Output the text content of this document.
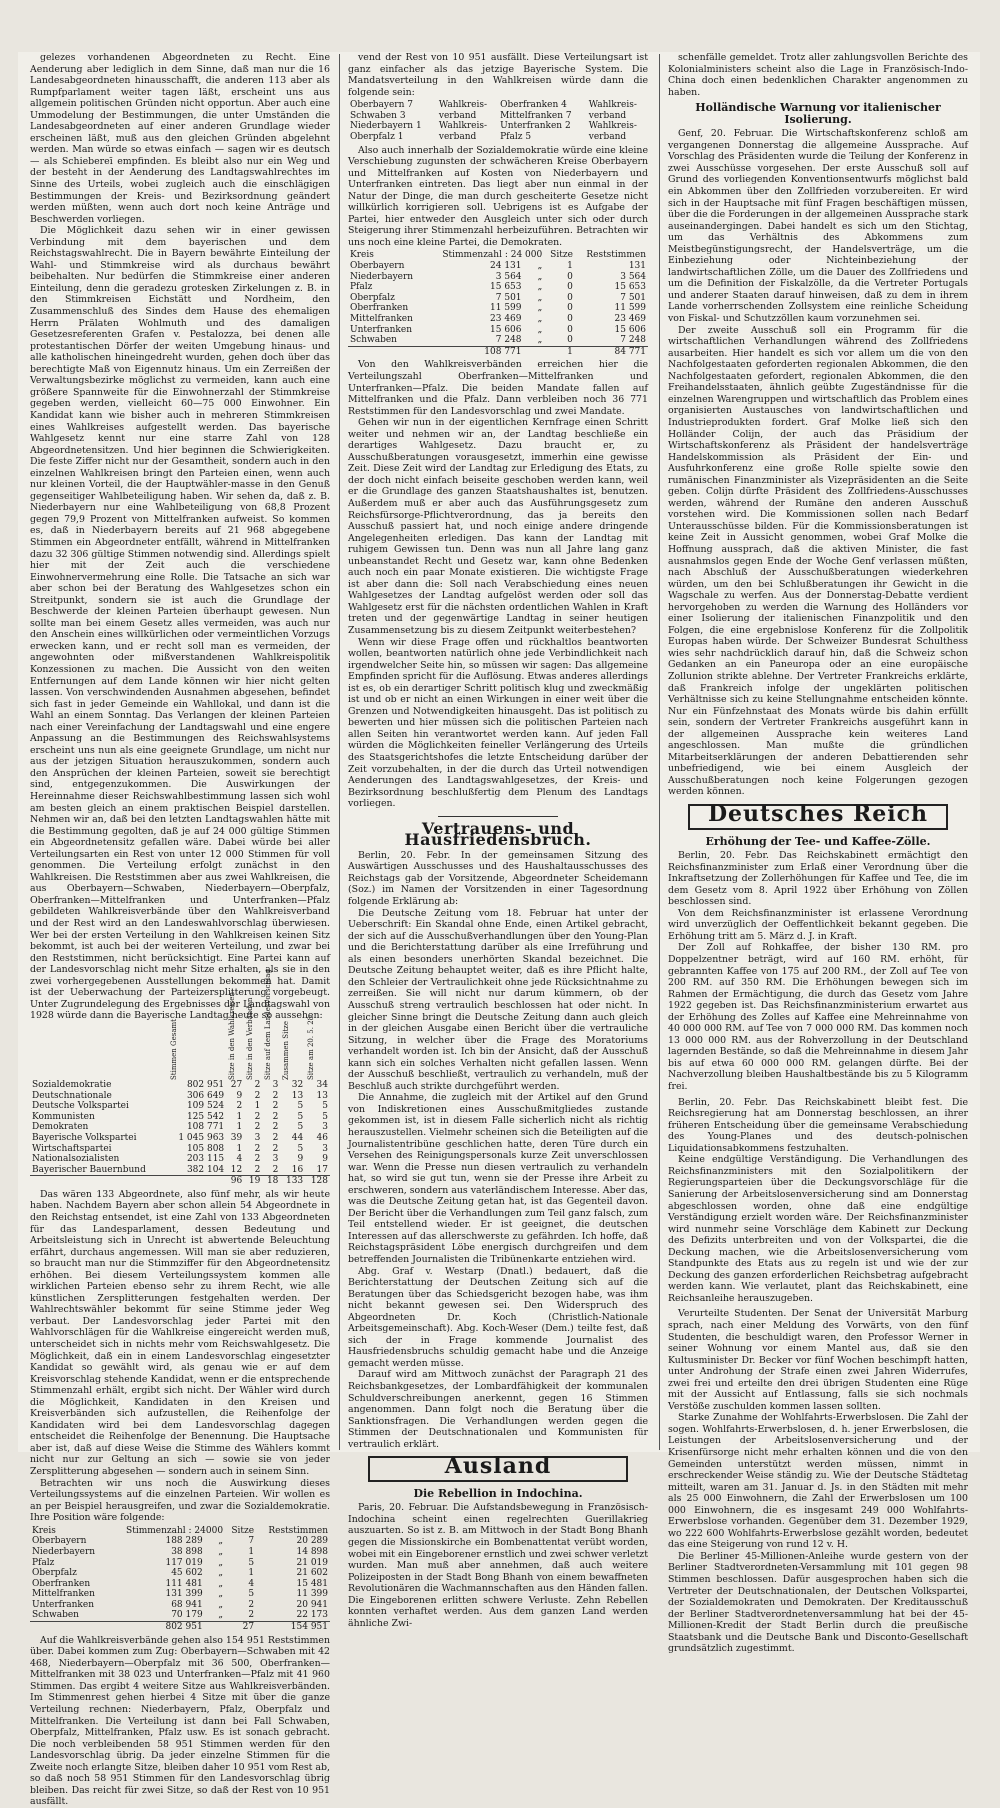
gelezes vorhandenen Abgeordneten zu Recht. Eine Aenderung aber lediglich in dem Sinne, daß man nur die 16 Landesabgeordneten hinausschafft, die anderen 113 aber als Rumpfparlament weiter tagen läßt, erscheint uns aus allgemein politischen Gründen nicht opportun. Aber auch eine Ummodelung der Bestimmungen, die unter Umständen die Landesabgeordneten auf einer anderen Grundlage wieder erscheinen läßt, muß aus den gleichen Gründen abgelehnt werden. Man würde so etwas einfach — sagen wir es deutsch — als Schiebereī empfinden. Es bleibt also nur ein Weg und der besteht in der Aenderung des Landtagswahlrechtes im Sinne des Urteils, wobei zugleich auch die einschlägigen Bestimmungen der Kreis- und Bezirksordnung geändert werden müßten, wenn auch dort noch keine Anträge und Beschwerden vorliegen.

Die Möglichkeit dazu sehen wir in einer gewissen Verbindung mit dem bayerischen und dem Reichstagswahlrecht. Die in Bayern bewährte Einteilung der Wahl- und Stimmkreise wird als durchaus bewährt beibehalten. Nur bedürfen die Stimmkreise einer anderen Einteilung, denn die geradezu grotesken Zirkelungen z. B. in den Stimmkreisen Eichstätt und Nordheim, den Zusammenschluß des Sindes dem Hause des ehemaligen Herrn Prälaten Wohlmuth und des damaligen Gesetzesreferenten Grafen v. Pestalozza, bei denen alle protestantischen Dörfer der weiten Umgebung hinaus- und alle katholischen hineingedreht wurden, gehen doch über das berechtigte Maß von Eigennutz hinaus. Um ein Zerreißen der Verwaltungsbezirke möglichst zu vermeiden, kann auch eine größere Spannweite für die Einwohnerzahl der Stimmkreise gegeben werden, vielleicht 60—75 000 Einwohner. Ein Kandidat kann wie bisher auch in mehreren Stimmkreisen eines Wahlkreises aufgestellt werden. Das bayerische Wahlgesetz kennt nur eine starre Zahl von 128 Abgeordnetensitzen. Und hier beginnen die Schwierigkeiten. Die feste Ziffer nicht nur der Gesamtheit, sondern auch in den einzelnen Wahlkreisen bringt den Parteien einen, wenn auch nur kleinen Vorteil, die der Hauptwähler-masse in den Genuß gegenseitiger Wahlbeteiligung haben. Wir sehen da, daß z. B. Niederbayern nur eine Wahlbeteiligung von 68,8 Prozent gegen 79,9 Prozent von Mittelfranken aufweist. So kommen es, daß in Niederbayern bereits auf 21 968 abgegebene Stimmen ein Abgeordneter entfällt, während in Mittelfranken dazu 32 306 gültige Stimmen notwendig sind. Allerdings spielt hier mit der Zeit auch die verschiedene Einwohnervermehrung eine Rolle. Die Tatsache an sich war aber schon bei der Beratung des Wahlgesetzes schon ein Streitpunkt, sondern sie ist auch die Grundlage der Beschwerde der kleinen Parteien überhaupt gewesen. Nun sollte man bei einem Gesetz alles vermeiden, was auch nur den Anschein eines willkürlichen oder vermeintlichen Vorzugs erwecken kann, und er recht soll man es vermeiden, der angewohnten oder mißverstandenen Wahlkreispolitik Konzessionen zu machen. Die Aussicht von den weiten Entfernungen auf dem Lande können wir hier nicht gelten lassen. Von verschwindenden Ausnahmen abgesehen, befindet sich fast in jeder Gemeinde ein Wahllokal, und dann ist die Wahl an einem Sonntag. Das Verlangen der kleinen Parteien nach einer Vereinfachung der Landtagswahl und eine engere Anpassung an die Bestimmungen des Reichswahlsystems erscheint uns nun als eine geeignete Grundlage, um nicht nur aus der jetzigen Situation herauszukommen, sondern auch den Ansprüchen der kleinen Parteien, soweit sie berechtigt sind, entgegenzukommen. Die Auswirkungen der Hereinnahme dieser Reichswahlbestimmung lassen sich wohl am besten gleich an einem praktischen Beispiel darstellen. Nehmen wir an, daß bei den letzten Landtagswahlen hätte mit die Bestimmung gegolten, daß je auf 24 000 gültige Stimmen ein Abgeordnetensitz gefallen wäre. Dabei würde bei aller Verteilungsarten ein Rest von unter 12 000 Stimmen für voll genommen. Die Verteilung erfolgt zunächst in den Wahlkreisen. Die Reststimmen aber aus zwei Wahlkreisen, die aus Oberbayern—Schwaben, Niederbayern—Oberpfalz, Oberfranken—Mittelfranken und Unterfranken—Pfalz gebildeten Wahlkreisverbände über den Wahlkreisverband und der Rest wird an den Landeswahlvorschlag überwiesen. Wer bei der ersten Verteilung in den Wahlkreisen keinen Sitz bekommt, ist auch bei der weiteren Verteilung, und zwar bei den Reststimmen, nicht berücksichtigt. Eine Partei kann auf der Landesvorschlag nicht mehr Sitze erhalten, als sie in den zwei vorhergegebenen Ausstellungen bekommen hat. Damit ist der Ueberwachung der Parteizersplitterung vorgebeugt. Unter Zugrundelegung des Ergebnisses der Landtagswahl von 1928 würde dann die Bayerische Landtag heute so aussehen:

	Stimmen Gesamt	Sitze in den Wahlkreisen	Sitze in den Verbänden	Sitze auf dem Landesvorschlag	Zusammen Sitze	Sitze am 20. 5. 28

Sozialdemokratie	802 951	27	2	3	32	34
Deutschnationale	306 649	9	2	2	13	13
Deutsche Volkspartei	109 524	2	1	2	5	5
Kommunisten	125 542	1	2	2	5	5
Demokraten	108 771	1	2	2	5	3
Bayerische Volkspartei	1 045 963	39	3	2	44	46
Wirtschaftspartei	105 808	1	2	2	5	3
Nationalsozialisten	203 115	4	2	3	9	9
Bayerischer Bauernbund	382 104	12	2	2	16	17
		96	19	18	133	128

Das wären 133 Abgeordnete, also fünf mehr, als wir heute haben. Nachdem Bayern aber schon allein 54 Abgeordnete in den Reichstag entsendet, ist eine Zahl von 133 Abgeordneten für das Landesparlament, dessen Bedeutung und Arbeitsleistung sich in Unrecht ist abwertende Beleuchtung erfährt, durchaus angemessen. Will man sie aber reduzieren, so braucht man nur die Stimmziffer für den Abgeordnetensitz erhöhen. Bei diesem Verteilungssystem kommen alle wirklichen Parteien ebenso sehr zu ihrem Recht, wie alle künstlichen Zersplitterungen festgehalten werden. Der Wahlrechtswähler bekommt für seine Stimme jeder Weg verbaut. Der Landesvorschlag jeder Partei mit den Wahlvorschlägen für die Wahlkreise eingereicht werden muß, unterscheidet sich in nichts mehr vom Reichswahlgesetz. Die Möglichkeit, daß ein in einem Landesvorschlag eingesetzter Kandidat so gewählt wird, als genau wie er auf dem Kreisvorschlag stehende Kandidat, wenn er die entsprechende Stimmenzahl erhält, ergibt sich nicht. Der Wähler wird durch die Möglichkeit, Kandidaten in den Kreisen und Kreisverbänden sich aufzustellen, die Reihenfolge der Kandidaten wird bei dem Landesvorschlag dagegen entscheidet die Reihenfolge der Benennung. Die Hauptsache aber ist, daß auf diese Weise die Stimme des Wählers kommt nicht nur zur Geltung an sich — sowie sie von jeder Zersplitterung abgesehen — sondern auch in seinem Sinn.

Betrachten wir uns noch die Auswirkung dieses Verteilungssystems auf die einzelnen Parteien. Wir wollen es an per Beispiel herausgreifen, und zwar die Sozialdemokratie. Ihre Position wäre folgende:

Kreis	Stimmenzahl : 24000		Sitze	Reststimmen
Oberbayern	188 289	„	7	20 289
Niederbayern	38 898	„	1	14 898
Pfalz	117 019	„	5	21 019
Oberpfalz	45 602	„	1	21 602
Oberfranken	111 481	„	4	15 481
Mittelfranken	131 399	„	5	11 399
Unterfranken	68 941	„	2	20 941
Schwaben	70 179	„	2	22 173
	802 951		27	154 951

Auf die Wahlkreisverbände gehen also 154 951 Reststimmen über. Dabei kommen zum Zug: Oberbayern—Schwaben mit 42 468, Niederbayern—Oberpfalz mit 36 500, Oberfranken—Mittelfranken mit 38 023 und Unterfranken—Pfalz mit 41 960 Stimmen. Das ergibt 4 weitere Sitze aus Wahlkreisverbänden. Im Stimmenrest gehen hierbei 4 Sitze mit über die ganze Verteilung rechnen: Niederbayern, Pfalz, Oberpfalz und Mittelfranken. Die Verteilung ist dann bei Fall Schwaben, Oberpfalz, Mittelfranken, Pfalz usw. Es ist sonach gebracht. Die noch verbleibenden 58 951 Stimmen werden für den Landesvorschlag übrig. Da jeder einzelne Stimmen für die Zweite noch erlangte Sitze, bleiben daher 10 951 vom Rest ab, so daß noch 58 951 Stimmen für den Landesvorschlag übrig bleiben. Das reicht für zwei Sitze, so daß der Rest von 10 951 ausfällt.

vend der Rest von 10 951 ausfällt. Diese Verteilungsart ist ganz einfacher als das jetzige Bayerische System. Die Mandatsverteilung in den Wahlkreisen würde dann die folgende sein:

Oberbayern 7	Wahlkreis-	Oberfranken 4	Wahlkreis-
Schwaben 3	verband	Mittelfranken 7	verband
Niederbayern 1	Wahlkreis-	Unterfranken 2	Wahlkreis-
Oberpfalz 1	verband	Pfalz 5	verband

Also auch innerhalb der Sozialdemokratie würde eine kleine Verschiebung zugunsten der schwächeren Kreise Oberbayern und Mittelfranken auf Kosten von Niederbayern und Unterfranken eintreten. Das liegt aber nun einmal in der Natur der Dinge, die man durch gescheiterte Gesetze nicht willkürlich korrigieren soll. Uebrigens ist es Aufgabe der Partei, hier entweder den Ausgleich unter sich oder durch Steigerung ihrer Stimmenzahl herbeizuführen. Betrachten wir uns noch eine kleine Partei, die Demokraten.

Kreis	Stimmenzahl : 24 000		Sitze	Reststimmen
Oberbayern	24 131	„	1	131
Niederbayern	3 564	„	0	3 564
Pfalz	15 653	„	0	15 653
Oberpfalz	7 501	„	0	7 501
Oberfranken	11 599	„	0	11 599
Mittelfranken	23 469	„	0	23 469
Unterfranken	15 606	„	0	15 606
Schwaben	7 248	„	0	7 248
	108 771		1	84 771

Von den Wahlkreisverbänden erreichen hier die Verteilungszahl Oberfranken—Mittelfranken und Unterfranken—Pfalz. Die beiden Mandate fallen auf Mittelfranken und die Pfalz. Dann verbleiben noch 36 771 Reststimmen für den Landesvorschlag und zwei Mandate.

Gehen wir nun in der eigentlichen Kernfrage einen Schritt weiter und nehmen wir an, der Landtag beschließe ein derartiges Wahlgesetz. Dazu braucht er, zu Ausschußberatungen vorausgesetzt, immerhin eine gewisse Zeit. Diese Zeit wird der Landtag zur Erledigung des Etats, zu der doch nicht einfach beiseite geschoben werden kann, weil er die Grundlage des ganzen Staatshaushaltes ist, benutzen. Außerdem muß er aber auch das Ausführungsgesetz zum Reichsfürsorge-Pflichtverordnung, das ja bereits den Ausschuß passiert hat, und noch einige andere dringende Angelegenheiten erledigen. Das kann der Landtag mit ruhigem Gewissen tun. Denn was nun all Jahre lang ganz unbeanstandet Recht und Gesetz war, kann ohne Bedenken auch noch ein paar Monate existieren. Die wichtigste Frage ist aber dann die: Soll nach Verabschiedung eines neuen Wahlgesetzes der Landtag aufgelöst werden oder soll das Wahlgesetz erst für die nächsten ordentlichen Wahlen in Kraft treten und der gegenwärtige Landtag in seiner heutigen Zusammensetzung bis zu diesem Zeitpunkt weiterbestehen?

Wenn wir diese Frage offen und rückhaltlos beantworten wollen, beantworten natürlich ohne jede Verbindlichkeit nach irgendwelcher Seite hin, so müssen wir sagen: Das allgemeine Empfinden spricht für die Auflösung. Etwas anderes allerdings ist es, ob ein derartiger Schritt politisch klug und zweckmäßig ist und ob er nicht an einen Wirkungen in einer weit über die Grenzen und Notwendigkeiten hinausgeht. Das ist politisch zu bewerten und hier müssen sich die politischen Parteien nach allen Seiten hin verantwortet werden kann. Auf jeden Fall würden die Möglichkeiten feineller Verlängerung des Urteils des Staatsgerichtshofes die letzte Entscheidung darüber der Zeit vorzubehalten, in der die durch das Urteil notwendigen Aenderungen des Landtagswahlgesetzes, der Kreis- und Bezirksordnung beschlußfertig dem Plenum des Landtags vorliegen.

Vertrauens- und Hausfriedensbruch.

Berlin, 20. Febr. In der gemeinsamen Sitzung des Auswärtigen Ausschusses und des Haushaltausschusses des Reichstags gab der Vorsitzende, Abgeordneter Scheidemann (Soz.) im Namen der Vorsitzenden in einer Tagesordnung folgende Erklärung ab:

Die Deutsche Zeitung vom 18. Februar hat unter der Ueberschrift: Ein Skandal ohne Ende, einen Artikel gebracht, der sich auf die Ausschußverhandlungen über den Young-Plan und die Berichterstattung darüber als eine Irreführung und als einen besonders unerhörten Skandal bezeichnet. Die Deutsche Zeitung behauptet weiter, daß es ihre Pflicht halte, den Schleier der Vertraulichkeit ohne jede Rücksichtnahme zu zerreißen. Sie will nicht nur darum kümmern, ob der Ausschuß streng vertraulich beschlossen hat oder nicht. In gleicher Sinne bringt die Deutsche Zeitung dann auch gleich in der gleichen Ausgabe einen Bericht über die vertrauliche Sitzung, in welcher über die Frage des Moratoriums verhandelt worden ist. Ich bin der Ansicht, daß der Ausschuß kann sich ein solches Verhalten nicht gefallen lassen. Wenn der Ausschuß beschließt, vertraulich zu verhandeln, muß der Beschluß auch strikte durchgeführt werden.

Die Annahme, die zugleich mit der Artikel auf den Grund von Indiskretionen eines Ausschußmitgliedes zustande gekommen ist, ist in diesem Falle sicherlich nicht als richtig herauszustellen. Vielmehr scheinen sich die Beteiligten auf die Journalistentribüne geschlichen hatte, deren Türe durch ein Versehen des Reinigungspersonals kurze Zeit unverschlossen war. Wenn die Presse nun diesen vertraulich zu verhandeln hat, so wird sie gut tun, wenn sie der Presse ihre Arbeit zu erschweren, sondern aus vaterländischem Interesse. Aber das, was die Deutsche Zeitung getan hat, ist das Gegenteil davon. Der Bericht über die Verhandlungen zum Teil ganz falsch, zum Teil entstellend wieder. Er ist geeignet, die deutschen Interessen auf das allerschwerste zu gefährden. Ich hoffe, daß Reichstagspräsident Löbe energisch durchgreifen und dem betreffenden Journalisten die Tribünenkarte entziehen wird.

Abg. Graf v. Westarp (Dnatl.) bedauert, daß die Berichterstattung der Deutschen Zeitung sich auf die Beratungen über das Schiedsgericht bezogen habe, was ihm nicht bekannt gewesen sei. Den Widerspruch des Abgeordneten Dr. Koch (Christlich-Nationale Arbeitsgemeinschaft). Abg. Koch-Weser (Dem.) teilte fest, daß sich der in Frage kommende Journalist des Hausfriedensbruchs schuldig gemacht habe und die Anzeige gemacht werden müsse.

Darauf wird am Mittwoch zunächst der Paragraph 21 des Reichsbankgesetzes, der Lombardfähigkeit der kommunalen Schuldverschreibungen anerkennt, gegen 16 Stimmen angenommen. Dann folgt noch die Beratung über die Sanktionsfragen. Die Verhandlungen werden gegen die Stimmen der Deutschnationalen und Kommunisten für vertraulich erklärt.

Ausland
Die Rebellion in Indochina.

Paris, 20. Februar. Die Aufstandsbewegung in Französisch-Indochina scheint einen regelrechten Guerillakrieg auszuarten. So ist z. B. am Mittwoch in der Stadt Bong Bhanh gegen die Missionskirche ein Bombenattentat verübt worden, wobei mit ein Eingeborener ernstlich und zwei schwer verletzt wurden. Man muß aber annehmen, daß auch weitere Polizeiposten in der Stadt Bong Bhanh von einem bewaffneten Revolutionären die Wachmannschaften aus den Händen fallen. Die Eingeborenen erlitten schwere Verluste. Zehn Rebellen konnten verhaftet werden. Aus dem ganzen Land werden ähnliche Zwi-

schenfälle gemeldet. Trotz aller zahlungsvollen Berichte des Kolonialministers scheint also die Lage in Französisch-Indo-China doch einen bedenklichen Charakter angenommen zu haben.

Holländische Warnung vor italienischer Isolierung.

Genf, 20. Februar. Die Wirtschaftskonferenz schloß am vergangenen Donnerstag die allgemeine Aussprache. Auf Vorschlag des Präsidenten wurde die Teilung der Konferenz in zwei Ausschüsse vorgesehen. Der erste Ausschuß soll auf Grund des vorliegenden Konventionsentwurfs möglichst bald ein Abkommen über den Zollfrieden vorzubereiten. Er wird sich in der Hauptsache mit fünf Fragen beschäftigen müssen, über die die Forderungen in der allgemeinen Aussprache stark auseinandergingen. Dabei handelt es sich um den Stichtag, um das Verhältnis des Abkommens zum Meistbegünstigungsrecht, der Handelsverträge, um die Einbeziehung oder Nichteinbeziehung der landwirtschaftlichen Zölle, um die Dauer des Zollfriedens und um die Definition der Fiskalzölle, da die Vertreter Portugals und anderer Staaten darauf hinweisen, daß zu dem in ihrem Lande vorherrschenden Zollsystem eine reinliche Scheidung von Fiskal- und Schutzzöllen kaum vorzunehmen sei.

Der zweite Ausschuß soll ein Programm für die wirtschaftlichen Verhandlungen während des Zollfriedens ausarbeiten. Hier handelt es sich vor allem um die von den Nachfolgestaaten geforderten regionalen Abkommen, die den Nachfolgestaaten gefordert, regionalen Abkommen, die den Freihandelsstaaten, ähnlich geübte Zugeständnisse für die einzelnen Warengruppen und wirtschaftlich das Problem eines organisierten Austausches von landwirtschaftlichen und Industrieprodukten fordert. Graf Molke ließ sich den Holländer Colijn, der auch das Präsidium der Wirtschaftskonferenz als Präsident der handelsverträge Handelskommission als Präsident der Ein- und Ausfuhrkonferenz eine große Rolle spielte sowie den rumänischen Finanzminister als Vizepräsidenten an die Seite geben. Colijn dürfte Präsident des Zollfriedens-Ausschusses werden, während der Rumäne den anderen Ausschuß vorstehen wird. Die Kommissionen sollen nach Bedarf Unterausschüsse bilden. Für die Kommissionsberatungen ist keine Zeit in Aussicht genommen, wobei Graf Molke die Hoffnung aussprach, daß die aktiven Minister, die fast ausnahmslos gegen Ende der Woche Genf verlassen müßten, nach Abschluß der Ausschußberatungen wiederkehren würden, um den bei Schlußberatungen ihr Gewicht in die Wagschale zu werfen. Aus der Donnerstag-Debatte verdient hervorgehoben zu werden die Warnung des Holländers vor einer Isolierung der italienischen Finanzpolitik und den Folgen, die eine ergebnislose Konferenz für die Zollpolitik Europas haben würde. Der Schweizer Bundesrat Schulthess wies sehr nachdrücklich darauf hin, daß die Schweiz schon Gedanken an ein Paneuropa oder an eine europäische Zollunion strikte ablehne. Der Vertreter Frankreichs erklärte, daß Frankreich infolge der ungeklärten politischen Verhältnisse sich zu keine Stellungnahme entscheiden könnte. Nur ein Fünfzehnstaat des Monats würde bis dahin erfüllt sein, sondern der Vertreter Frankreichs ausgeführt kann in der allgemeinen Aussprache kein weiteres Land angeschlossen. Man mußte die gründlichen Mitarbeitserklärungen der anderen Debattierenden sehr unbefriedigend, wie bei einem Ausgleich der Ausschußberatungen noch keine Folgerungen gezogen werden können.

Deutsches Reich
Erhöhung der Tee- und Kaffee-Zölle.

Berlin, 20. Febr. Das Reichskabinett ermächtigt den Reichsfinanzminister zum Erlaß einer Verordnung über die Inkraftsetzung der Zollerhöhungen für Kaffee und Tee, die im dem Gesetz vom 8. April 1922 über Erhöhung von Zöllen beschlossen sind.

Von dem Reichsfinanzminister ist erlassene Verordnung wird unverzüglich der Oeffentlichkeit bekannt gegeben. Die Erhöhung tritt am 5. März d. J. in Kraft.

Der Zoll auf Rohkaffee, der bisher 130 RM. pro Doppelzentner beträgt, wird auf 160 RM. erhöht, für gebrannten Kaffee von 175 auf 200 RM., der Zoll auf Tee von 200 RM. auf 350 RM. Die Erhöhungen bewegen sich im Rahmen der Ermächtigung, die durch das Gesetz vom Jahre 1922 gegeben ist. Das Reichsfinanzministerium erwartet aus der Erhöhung des Zolles auf Kaffee eine Mehreinnahme von 40 000 000 RM. auf Tee von 7 000 000 RM. Das kommen noch 13 000 000 RM. aus der Rohverzollung in der Deutschland lagernden Bestände, so daß die Mehreinnahme in diesem Jahr bis auf etwa 60 000 000 RM. gelangen dürfte. Bei der Nachverzollung bleiben Haushaltbestände bis zu 5 Kilogramm frei.

Berlin, 20. Febr. Das Reichskabinett bleibt fest. Die Reichsregierung hat am Donnerstag beschlossen, an ihrer früheren Entscheidung über die gemeinsame Verabschiedung des Young-Planes und des deutsch-polnischen Liquidationsabkommens festzuhalten.

Keine endgültige Verständigung. Die Verhandlungen des Reichsfinanzministers mit den Sozialpolitikern der Regierungsparteien über die Deckungsvorschläge für die Sanierung der Arbeitslosenversicherung sind am Donnerstag abgeschlossen worden, ohne daß eine endgültige Verständigung erzielt worden wäre. Der Reichsfinanzminister wird nunmehr seine Vorschläge dem Kabinett zur Deckung des Defizits unterbreiten und von der Volkspartei, die die Deckung machen, wie die Arbeitslosenversicherung vom Standpunkte des Etats aus zu regeln ist und wie der zur Deckung des ganzen erforderlichen Reichsbetrag aufgebracht werden kann. Wie verlautet, plant das Reichskabinett, eine Reichsanleihe herauszugeben.

Verurteilte Studenten. Der Senat der Universität Marburg sprach, nach einer Meldung des Vorwärts, von den fünf Studenten, die beschuldigt waren, den Professor Werner in seiner Wohnung vor einem Mantel aus, daß sie den Kultusminister Dr. Becker vor fünf Wochen beschimpft hatten, unter Androhung der Strafe einen zwei Jahren Widerrufes, zwei frei und erteilte den drei übrigen Studenten eine Rüge mit der Aussicht auf Entlassung, falls sie sich nochmals Verstöße zuschulden kommen lassen sollten.

Starke Zunahme der Wohlfahrts-Erwerbslosen. Die Zahl der sogen. Wohlfahrts-Erwerbslosen, d. h. jener Erwerbslosen, die Leistungen der Arbeitslosenversicherung und der Krisenfürsorge nicht mehr erhalten können und die von den Gemeinden unterstützt werden müssen, nimmt in erschreckender Weise ständig zu. Wie der Deutsche Städtetag mitteilt, waren am 31. Januar d. Js. in den Städten mit mehr als 25 000 Einwohnern, die Zahl der Erwerbslosen um 100 000 Einwohnern, die es insgesamt 249 000 Wohlfahrts-Erwerbslose vorhanden. Gegenüber dem 31. Dezember 1929, wo 222 600 Wohlfahrts-Erwerbslose gezählt worden, bedeutet das eine Steigerung von rund 12 v. H.

Die Berliner 45-Millionen-Anleihe wurde gestern von der Berliner Stadtverordneten-Versammlung mit 101 gegen 98 Stimmen beschlossen. Dafür ausgesprochen haben sich die Vertreter der Deutschnationalen, der Deutschen Volkspartei, der Sozialdemokraten und Demokraten. Der Kreditausschuß der Berliner Stadtverordnetenversammlung hat bei der 45-Millionen-Kredit der Stadt Berlin durch die preußische Staatsbank und die Deutsche Bank und Disconto-Gesellschaft grundsätzlich zugestimmt.
